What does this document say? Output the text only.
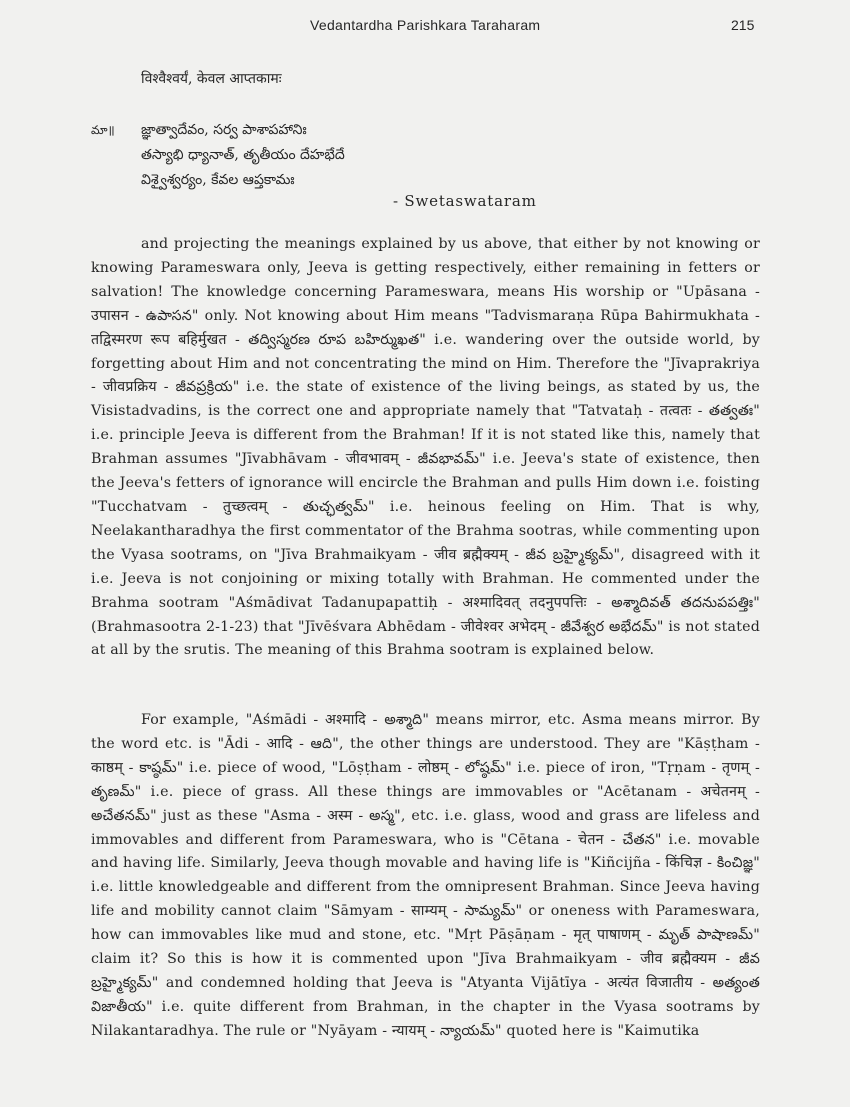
Vedantardha Parishkara Taraharam	215
विश्वैश्वर्यं, केवल आप्तकामः
మా॥ జ్ఞాత్వాదేవం, సర్వ పాశాపహానిః
తస్యాభి ధ్యానాత్, తృతీయం దేహభేదే
విశ్వైశ్వర్యం, కేవల ఆప్తకామః
- Swetaswataram
and projecting the meanings explained by us above, that either by not knowing or knowing Parameswara only, Jeeva is getting respectively, either remaining in fetters or salvation! The knowledge concerning Parameswara, means His worship or "Upāsana - उपासन - ఉపాసన" only. Not knowing about Him means "Tadvismaraṇa Rūpa Bahirmukhata - तद्विस्मरण रूप बहिर्मुखत - తద్విస్మరణ రూప బహిర్ముఖత" i.e. wandering over the outside world, by forgetting about Him and not concentrating the mind on Him. Therefore the "Jīvaprakriya - जीवप्रक्रिय - జీవప్రక్రియ" i.e. the state of existence of the living beings, as stated by us, the Visistadvadins, is the correct one and appropriate namely that "Tatvataḥ - तत्वतः - తత్వతః" i.e. principle Jeeva is different from the Brahman! If it is not stated like this, namely that Brahman assumes "Jīvabhāvam - जीवभावम् - జీవభావమ్" i.e. Jeeva's state of existence, then the Jeeva's fetters of ignorance will encircle the Brahman and pulls Him down i.e. foisting "Tucchatvam - तुच्छत्वम् - తుచ్ఛత్వమ్" i.e. heinous feeling on Him. That is why, Neelakantharadhya the first commentator of the Brahma sootras, while commenting upon the Vyasa sootrams, on "Jīva Brahmaikyam - जीव ब्रह्मैक्यम् - జీవ బ్రహ్మైక్యమ్", disagreed with it i.e. Jeeva is not conjoining or mixing totally with Brahman. He commented under the Brahma sootram "Aśmādivat Tadanupapattiḥ - अश्मादिवत् तदनुपपत्तिः - అశ్మాదివత్ తదనుపపత్తిః" (Brahmasootra 2-1-23) that "Jīvēśvara Abhēdam - जीवेश्वर अभेदम् - జీవేశ్వర అభేదమ్" is not stated at all by the srutis. The meaning of this Brahma sootram is explained below.
For example, "Aśmādi - अश्मादि - అశ్మాది" means mirror, etc. Asma means mirror. By the word etc. is "Ādi - आदि - ఆది", the other things are understood. They are "Kāṣṭham - काष्ठम् - కాష్ఠమ్" i.e. piece of wood, "Lōṣṭham - लोष्ठम् - లోష్ఠమ్" i.e. piece of iron, "Tṛṇam - तृणम् - తృణమ్" i.e. piece of grass. All these things are immovables or "Acētanam - अचेतनम् - అచేతనమ్" just as these "Asma - अस्म - అస్మ", etc. i.e. glass, wood and grass are lifeless and immovables and different from Parameswara, who is "Cētana - चेतन - చేతన" i.e. movable and having life. Similarly, Jeeva though movable and having life is "Kiñcijña - किंचिज्ञ - కించిజ్ఞ" i.e. little knowledgeable and different from the omnipresent Brahman. Since Jeeva having life and mobility cannot claim "Sāmyam - साम्यम् - సామ్యమ్" or oneness with Parameswara, how can immovables like mud and stone, etc. "Mṛt Pāṣāṇam - मृत् पाषाणम् - మృత్ పాషాణమ్" claim it? So this is how it is commented upon "Jīva Brahmaikyam - जीव ब्रह्मैक्यम - జీవ బ్రహ్మైక్యమ్" and condemned holding that Jeeva is "Atyanta Vijātīya - अत्यंत विजातीय - అత్యంత విజాతీయ" i.e. quite different from Brahman, in the chapter in the Vyasa sootrams by Nilakantaradhya. The rule or "Nyāyam - न्यायम् - న్యాయమ్" quoted here is "Kaimutika
